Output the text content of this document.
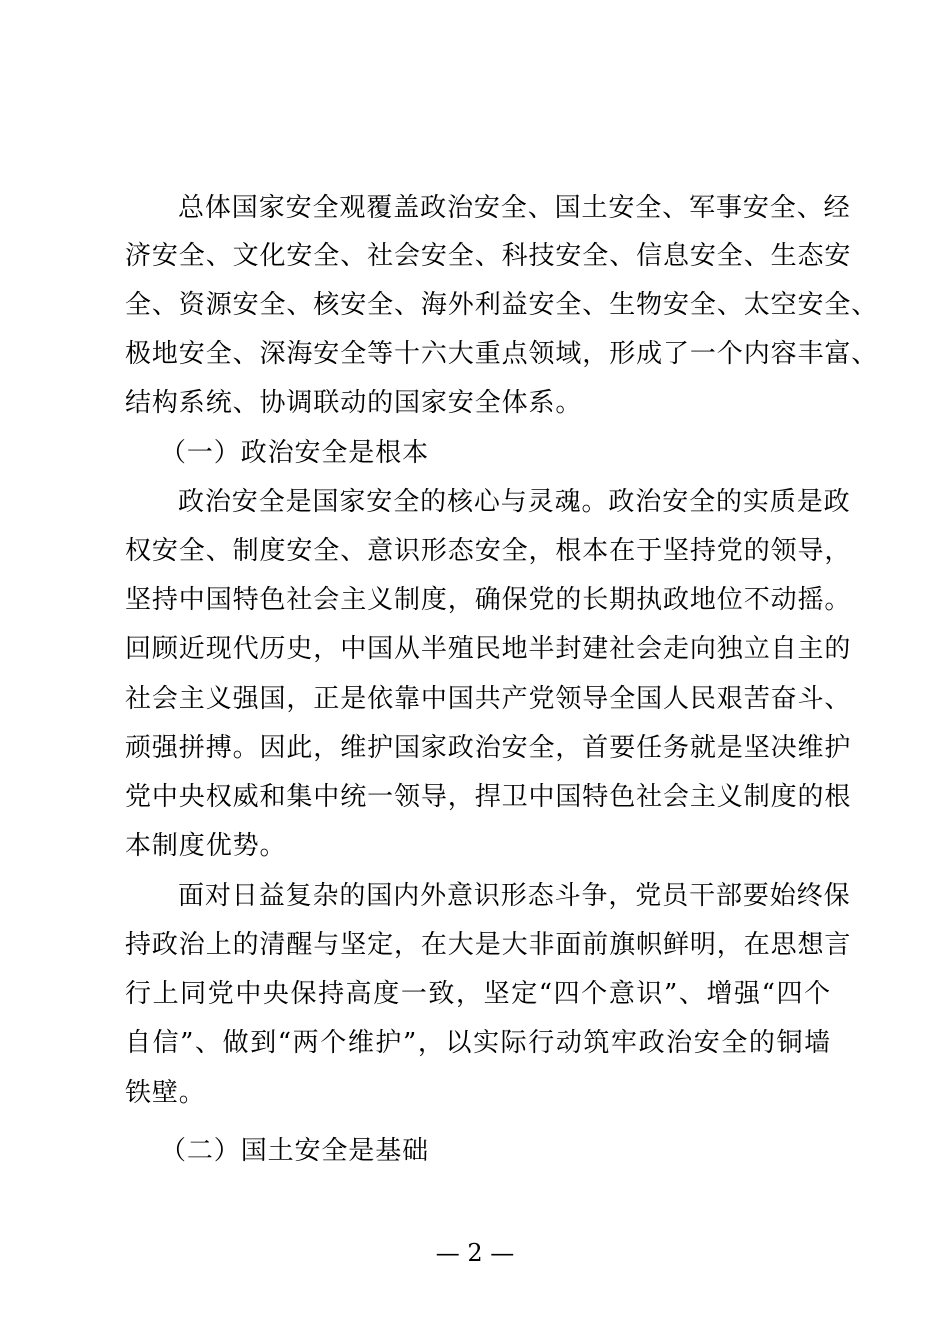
总体国家安全观覆盖政治安全、国土安全、军事安全、经
济安全、文化安全、社会安全、科技安全、信息安全、生态安
全、资源安全、核安全、海外利益安全、生物安全、太空安全、
极地安全、深海安全等十六大重点领域，形成了一个内容丰富、
结构系统、协调联动的国家安全体系。
（一）政治安全是根本
政治安全是国家安全的核心与灵魂。政治安全的实质是政
权安全、制度安全、意识形态安全，根本在于坚持党的领导，
坚持中国特色社会主义制度，确保党的长期执政地位不动摇。
回顾近现代历史，中国从半殖民地半封建社会走向独立自主的
社会主义强国，正是依靠中国共产党领导全国人民艰苦奋斗、
顽强拼搏。因此，维护国家政治安全，首要任务就是坚决维护
党中央权威和集中统一领导，捍卫中国特色社会主义制度的根
本制度优势。
面对日益复杂的国内外意识形态斗争，党员干部要始终保
持政治上的清醒与坚定，在大是大非面前旗帜鲜明，在思想言
行上同党中央保持高度一致，坚定“四个意识”、增强“四个
自信”、做到“两个维护”，以实际行动筑牢政治安全的铜墙
铁壁。
（二）国土安全是基础
— 2 —
